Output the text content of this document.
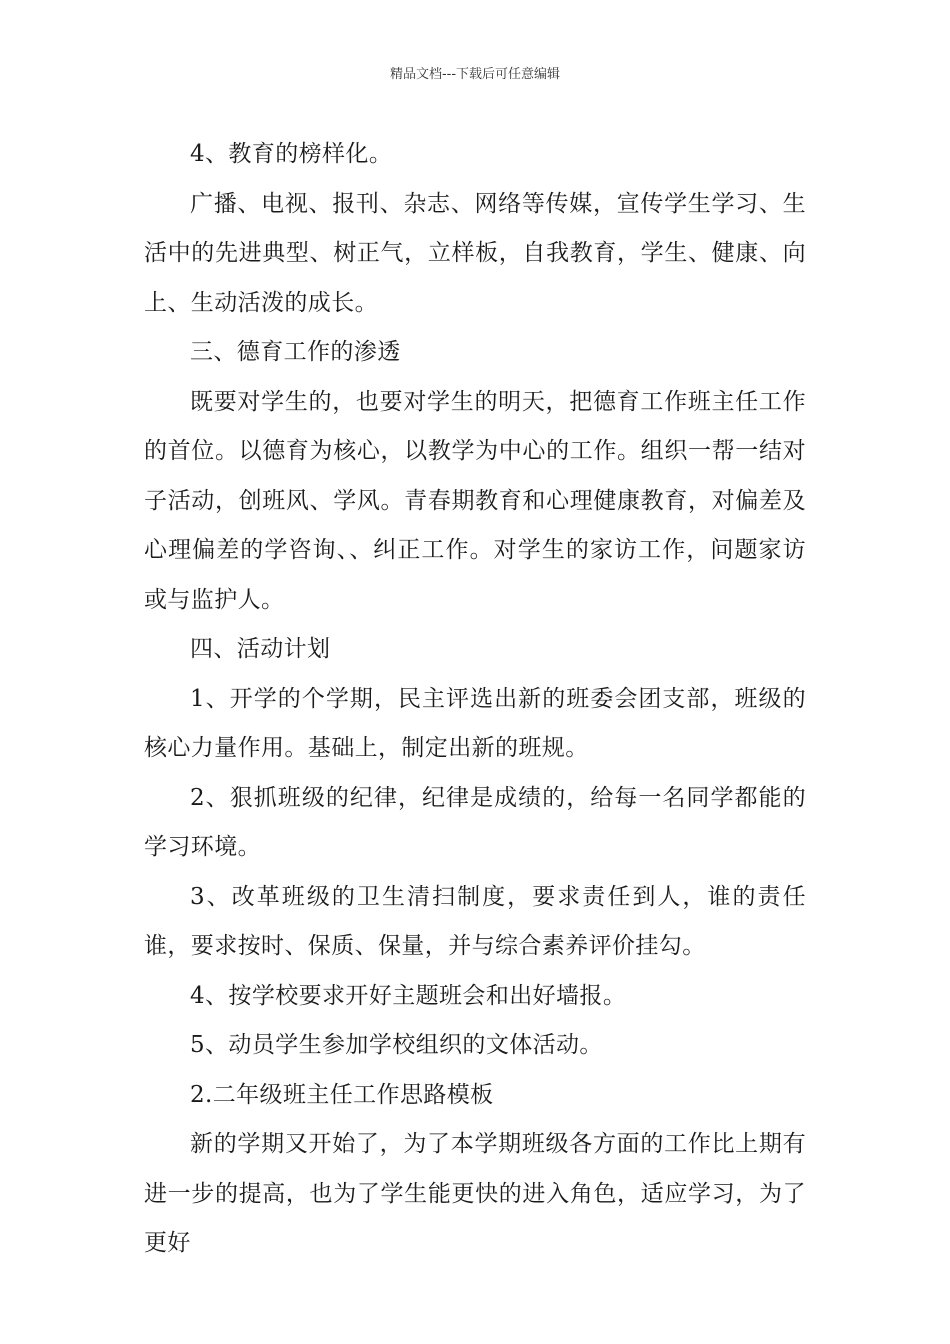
精品文档---下载后可任意编辑

4、教育的榜样化。

广播、电视、报刊、杂志、网络等传媒，宣传学生学习、生活中的先进典型、树正气，立样板，自我教育，学生、健康、向上、生动活泼的成长。

三、德育工作的渗透

既要对学生的，也要对学生的明天，把德育工作班主任工作的首位。以德育为核心，以教学为中心的工作。组织一帮一结对子活动，创班风、学风。青春期教育和心理健康教育，对偏差及心理偏差的学咨询、、纠正工作。对学生的家访工作，问题家访或与监护人。

四、活动计划

1、开学的个学期，民主评选出新的班委会团支部，班级的核心力量作用。基础上，制定出新的班规。

2、狠抓班级的纪律，纪律是成绩的，给每一名同学都能的学习环境。

3、改革班级的卫生清扫制度，要求责任到人，谁的责任谁，要求按时、保质、保量，并与综合素养评价挂勾。

4、按学校要求开好主题班会和出好墙报。

5、动员学生参加学校组织的文体活动。

2.二年级班主任工作思路模板

新的学期又开始了，为了本学期班级各方面的工作比上期有进一步的提高，也为了学生能更快的进入角色，适应学习，为了更好
